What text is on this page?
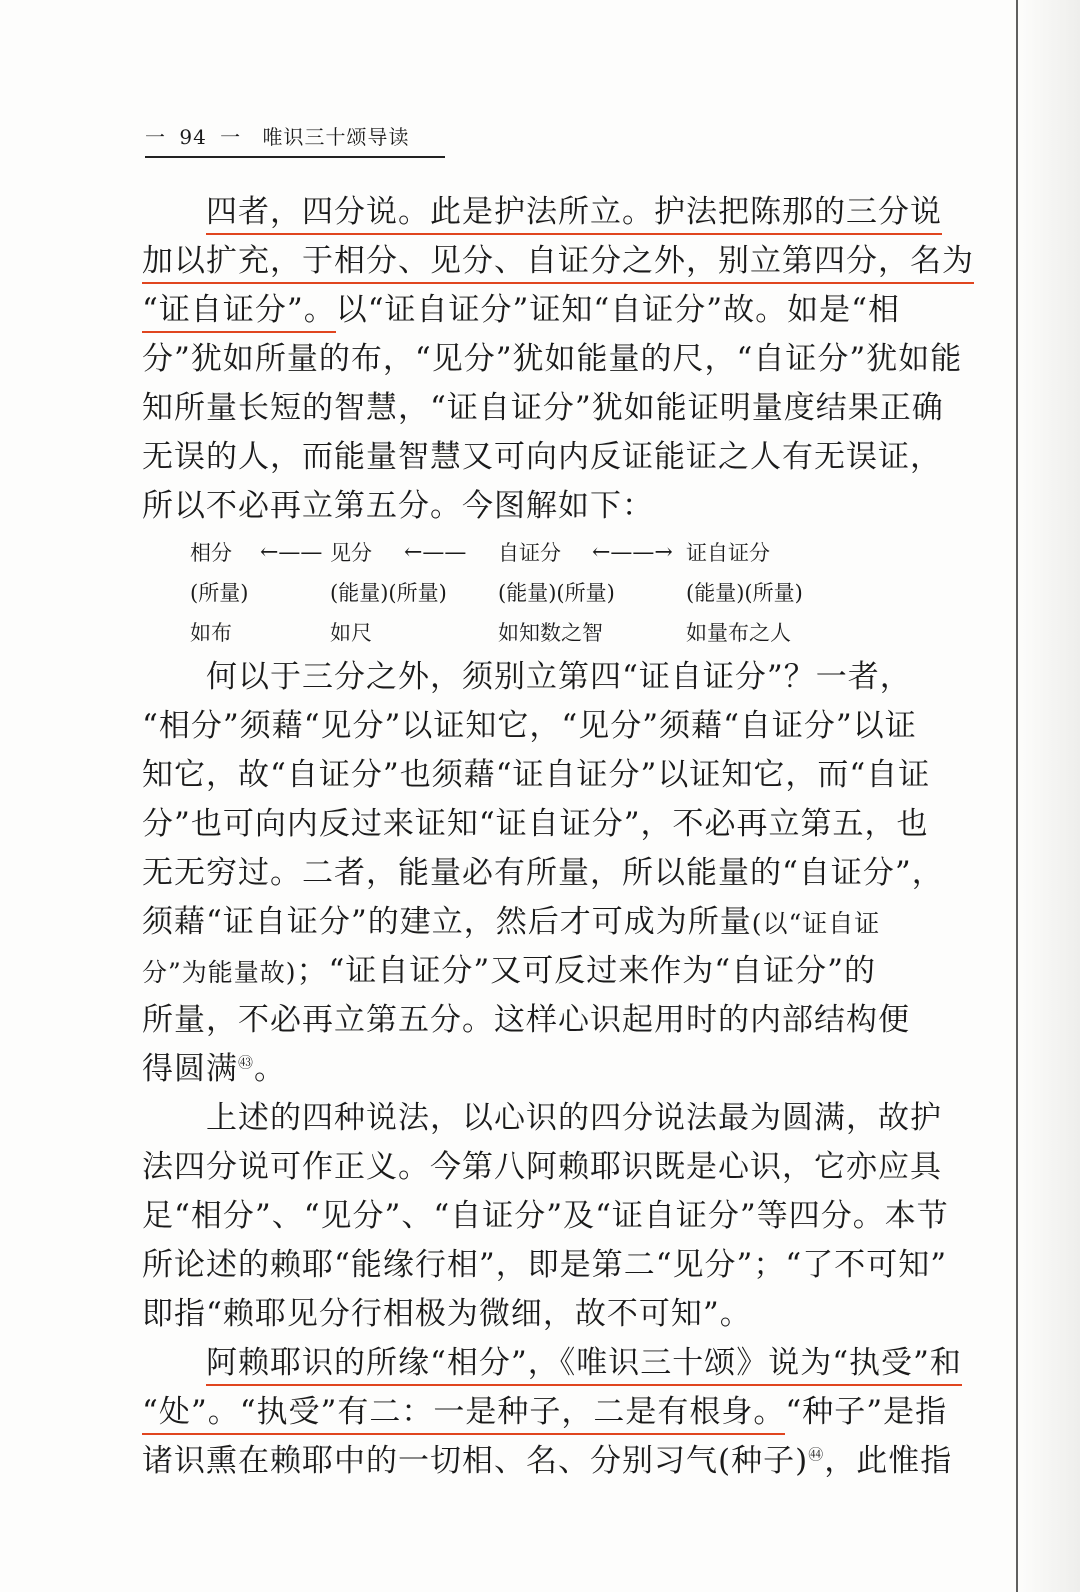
一 94 一 唯识三十颂导读
四者，四分说。此是护法所立。护法把陈那的三分说
加以扩充，于相分、见分、自证分之外，别立第四分，名为
“证自证分”。以“证自证分”证知“自证分”故。如是“相
分”犹如所量的布，“见分”犹如能量的尺，“自证分”犹如能
知所量长短的智慧，“证自证分”犹如能证明量度结果正确
无误的人，而能量智慧又可向内反证能证之人有无误证，
所以不必再立第五分。今图解如下：
相分
(所量)
如布
←—— 见分
(能量)(所量)
如尺
←—— 自证分
(能量)(所量)
如知数之智
←——→ 证自证分
(能量)(所量)
如量布之人
何以于三分之外，须别立第四“证自证分”？一者，
“相分”须藉“见分”以证知它，“见分”须藉“自证分”以证
知它，故“自证分”也须藉“证自证分”以证知它，而“自证
分”也可向内反过来证知“证自证分”，不必再立第五，也
无无穷过。二者，能量必有所量，所以能量的“自证分”，
须藉“证自证分”的建立，然后才可成为所量(以“证自证
分”为能量故)；“证自证分”又可反过来作为“自证分”的
所量，不必再立第五分。这样心识起用时的内部结构便
得圆满$^㊸$。
上述的四种说法，以心识的四分说法最为圆满，故护
法四分说可作正义。今第八阿赖耶识既是心识，它亦应具
足“相分”、“见分”、“自证分”及“证自证分”等四分。本节
所论述的赖耶“能缘行相”，即是第二“见分”；“了不可知”
即指“赖耶见分行相极为微细，故不可知”。
阿赖耶识的所缘“相分”，《唯识三十颂》说为“执受”和
“处”。“执受”有二：一是种子，二是有根身。“种子”是指
诸识熏在赖耶中的一切相、名、分别习气(种子)$^㊹$，此惟指
